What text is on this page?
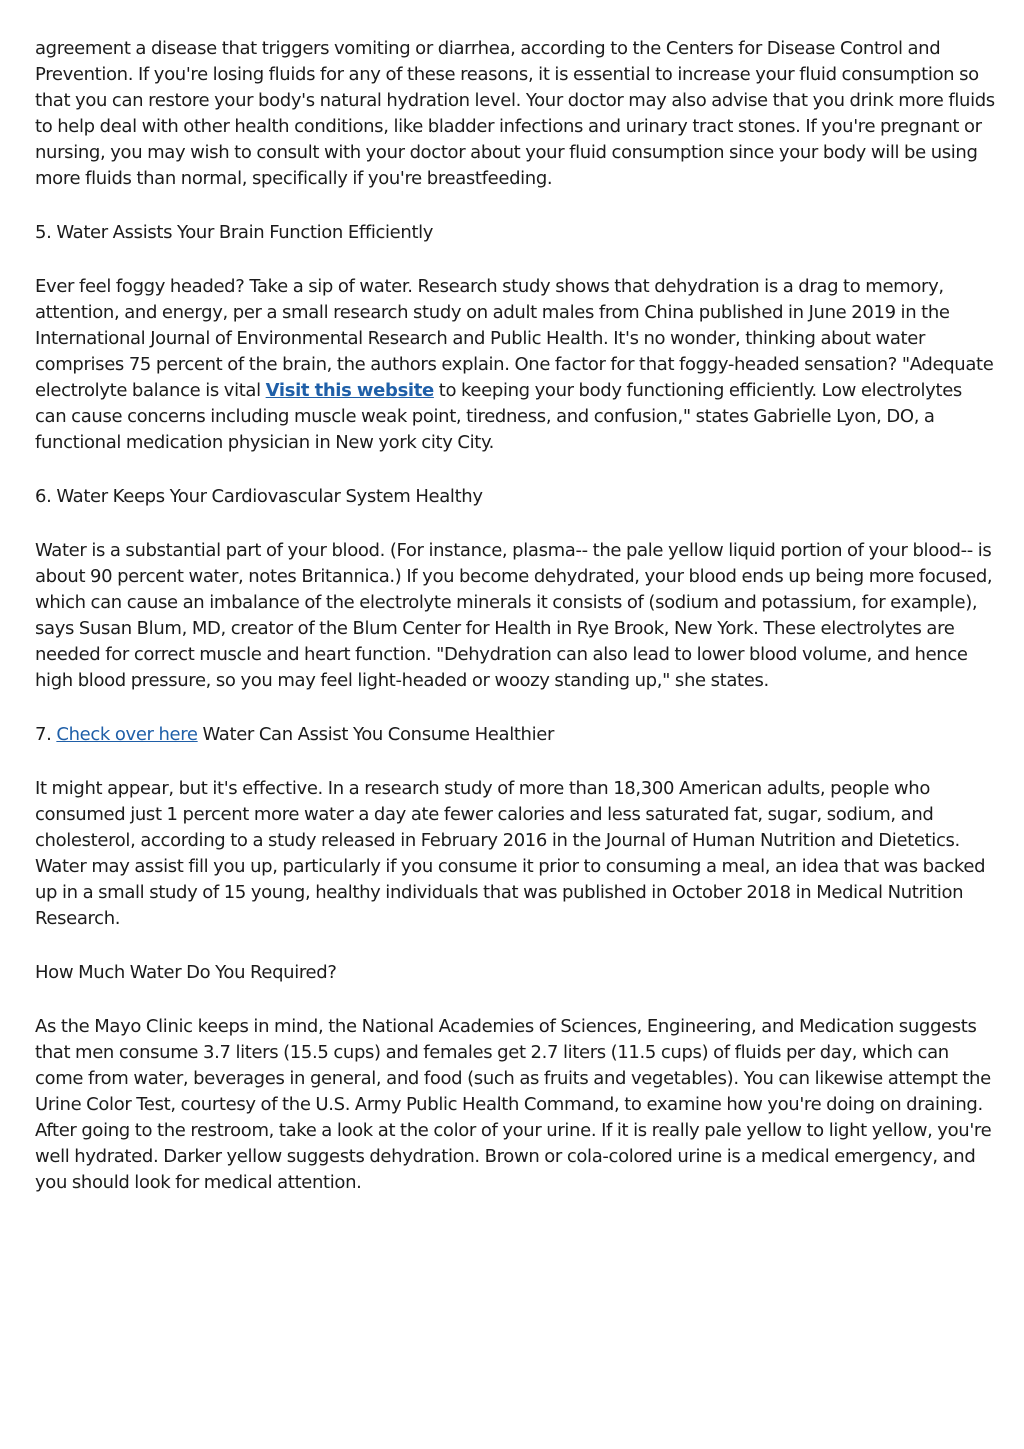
agreement a disease that triggers vomiting or diarrhea, according to the Centers for Disease Control and Prevention. If you're losing fluids for any of these reasons, it is essential to increase your fluid consumption so that you can restore your body's natural hydration level. Your doctor may also advise that you drink more fluids to help deal with other health conditions, like bladder infections and urinary tract stones. If you're pregnant or nursing, you may wish to consult with your doctor about your fluid consumption since your body will be using more fluids than normal, specifically if you're breastfeeding.

5. Water Assists Your Brain Function Efficiently

Ever feel foggy headed? Take a sip of water. Research study shows that dehydration is a drag to memory, attention, and energy, per a small research study on adult males from China published in June 2019 in the International Journal of Environmental Research and Public Health. It's no wonder, thinking about water comprises 75 percent of the brain, the authors explain. One factor for that foggy-headed sensation? "Adequate electrolyte balance is vital Visit this website to keeping your body functioning efficiently. Low electrolytes can cause concerns including muscle weak point, tiredness, and confusion," states Gabrielle Lyon, DO, a functional medication physician in New york city City.

6. Water Keeps Your Cardiovascular System Healthy

Water is a substantial part of your blood. (For instance, plasma-- the pale yellow liquid portion of your blood-- is about 90 percent water, notes Britannica.) If you become dehydrated, your blood ends up being more focused, which can cause an imbalance of the electrolyte minerals it consists of (sodium and potassium, for example), says Susan Blum, MD, creator of the Blum Center for Health in Rye Brook, New York. These electrolytes are needed for correct muscle and heart function. "Dehydration can also lead to lower blood volume, and hence high blood pressure, so you may feel light-headed or woozy standing up," she states.

7. Check over here Water Can Assist You Consume Healthier

It might appear, but it's effective. In a research study of more than 18,300 American adults, people who consumed just 1 percent more water a day ate fewer calories and less saturated fat, sugar, sodium, and cholesterol, according to a study released in February 2016 in the Journal of Human Nutrition and Dietetics. Water may assist fill you up, particularly if you consume it prior to consuming a meal, an idea that was backed up in a small study of 15 young, healthy individuals that was published in October 2018 in Medical Nutrition Research.

How Much Water Do You Required?

As the Mayo Clinic keeps in mind, the National Academies of Sciences, Engineering, and Medication suggests that men consume 3.7 liters (15.5 cups) and females get 2.7 liters (11.5 cups) of fluids per day, which can come from water, beverages in general, and food (such as fruits and vegetables). You can likewise attempt the Urine Color Test, courtesy of the U.S. Army Public Health Command, to examine how you're doing on draining. After going to the restroom, take a look at the color of your urine. If it is really pale yellow to light yellow, you're well hydrated. Darker yellow suggests dehydration. Brown or cola-colored urine is a medical emergency, and you should look for medical attention.
